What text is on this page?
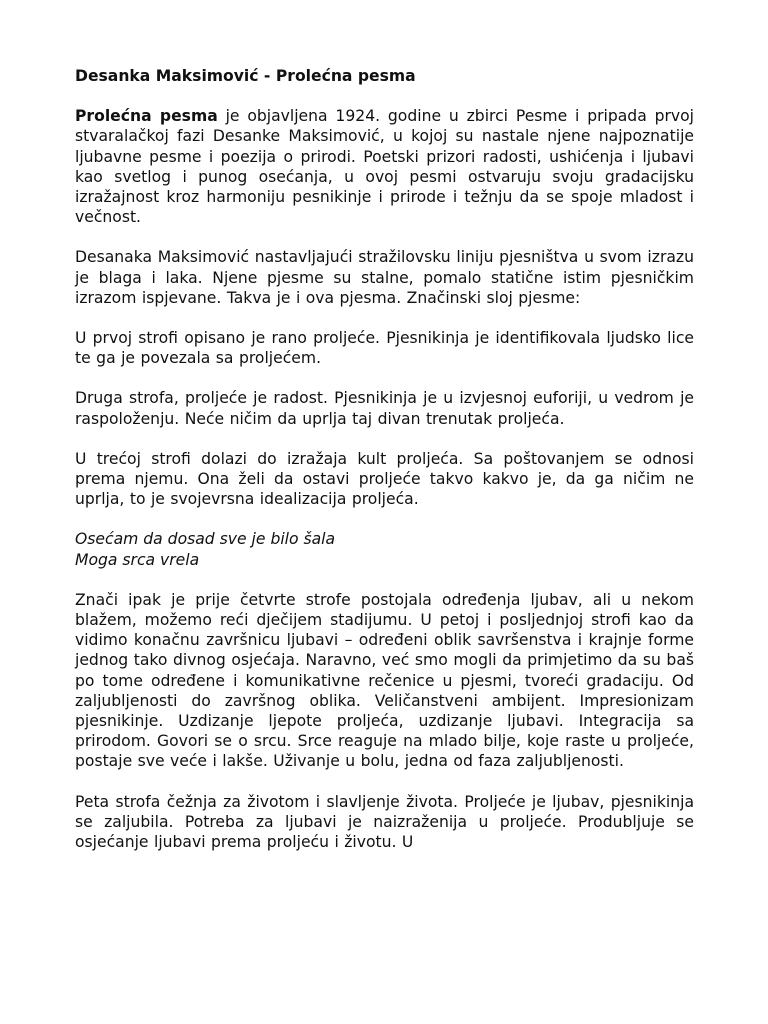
Desanka Maksimović - Prolećna pesma

Prolećna pesma je objavljena 1924. godine u zbirci Pesme i pripada prvoj stvaralačkoj fazi Desanke Maksimović, u kojoj su nastale njene najpoznatije ljubavne pesme i poezija o prirodi. Poetski prizori radosti, ushićenja i ljubavi kao svetlog i punog osećanja, u ovoj pesmi ostvaruju svoju gradacijsku izražajnost kroz harmoniju pesnikinje i prirode i težnju da se spoje mladost i večnost.

Desanaka Maksimović nastavljajući stražilovsku liniju pjesništva u svom izrazu je blaga i laka. Njene pjesme su stalne, pomalo statične istim pjesničkim izrazom ispjevane. Takva je i ova pjesma. Značinski sloj pjesme:

U prvoj strofi opisano je rano proljeće. Pjesnikinja je identifikovala ljudsko lice te ga je povezala sa proljećem.

Druga strofa, proljeće je radost. Pjesnikinja je u izvjesnoj euforiji, u vedrom je raspoloženju. Neće ničim da uprlja taj divan trenutak proljeća.

U trećoj strofi dolazi do izražaja kult proljeća. Sa poštovanjem se odnosi prema njemu. Ona želi da ostavi proljeće takvo kakvo je, da ga ničim ne uprlja, to je svojevrsna idealizacija proljeća.

Osećam da dosad sve je bilo šala
Moga srca vrela

Znači ipak je prije četvrte strofe postojala određenja ljubav, ali u nekom blažem, možemo reći dječijem stadijumu. U petoj i posljednjoj strofi kao da vidimo konačnu završnicu ljubavi – određeni oblik savršenstva i krajnje forme jednog tako divnog osjećaja. Naravno, već smo mogli da primjetimo da su baš po tome određene i komunikativne rečenice u pjesmi, tvoreći gradaciju. Od zaljubljenosti do završnog oblika. Veličanstveni ambijent. Impresionizam pjesnikinje. Uzdizanje ljepote proljeća, uzdizanje ljubavi. Integracija sa prirodom. Govori se o srcu. Srce reaguje na mlado bilje, koje raste u proljeće, postaje sve veće i lakše. Uživanje u bolu, jedna od faza zaljubljenosti.

Peta strofa čežnja za životom i slavljenje života. Proljeće je ljubav, pjesnikinja se zaljubila. Potreba za ljubavi je naizraženija u proljeće. Produbljuje se osjećanje ljubavi prema proljeću i životu. U
